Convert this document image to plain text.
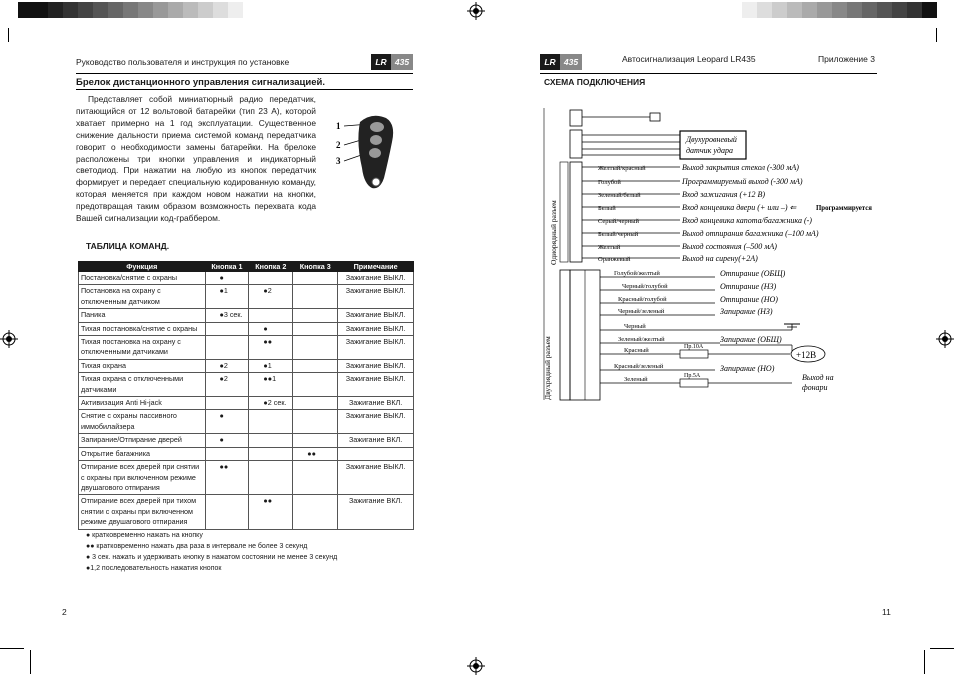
Руководство пользователя и инструкция по установке	LR 435
Брелок дистанционного управления сигнализацией.
Представляет собой миниатюрный радио передатчик, питающийся от 12 вольтовой батарейки (тип 23 А), которой хватает примерно на 1 год эксплуатации. Существенное снижение дальности приема системой команд передатчика говорит о необходимости замены батарейки. На брелоке расположены три кнопки управления и индикаторный светодиод. При нажатии на любую из кнопок передатчик формирует и передает специальную кодированную команду, которая меняется при каждом новом нажатии на кнопки, предотвращая таким образом возможность перехвата кода Вашей сигнализации код-граббером.
1
2
3
ТАБЛИЦА КОМАНД.
Функция	Кнопка 1	Кнопка 2	Кнопка 3	Примечание
Постановка/снятие с охраны	●			Зажигание ВЫКЛ.
Постановка на охрану с отключенным датчиком	●1	●2		Зажигание ВЫКЛ.
Паника	●3 сек.			Зажигание ВЫКЛ.
Тихая постановка/снятие с охраны		●		Зажигание ВЫКЛ.
Тихая постановка на охрану с отключенными датчиками		●●		Зажигание ВЫКЛ.
Тихая охрана	●2	●1		Зажигание ВЫКЛ.
Тихая охрана с отключенными датчиками	●2	●●1		Зажигание ВЫКЛ.
Активизация Anti Hi-jack		●2 сек.		Зажигание ВКЛ.
Снятие с охраны пассивного иммобилайзера	●			Зажигание ВЫКЛ.
Запирание/Отпирание дверей	●			Зажигание ВКЛ.
Открытие багажника			●●	
Отпирание всех дверей при снятии с охраны при включенном режиме двушагового отпирания	●●			Зажигание ВЫКЛ.
Отпирание всех дверей при тихом снятии с охраны при включенном режиме двушагового отпирания		●●		Зажигание ВКЛ.
● кратковременно нажать на кнопку
●● кратковременно нажать два раза в интервале не более 3 секунд
● 3 сек. нажать и удерживать кнопку в нажатом состоянии не менее 3 секунд
●1,2 последовательность нажатия кнопок
2
LR 435	Автосигнализация Leopard LR435	Приложение 3
СХЕМА ПОДКЛЮЧЕНИЯ
Двухуровневый
датчик удара
Одиорядный разъем
Желтый/красный	Выход закрытия стекол (-300 мА)
Голубой	Программируемый выход (-300 мА)
Зеленый/белый	Вход зажигания (+12 В)
Белый	Вход концевика двери (+ или –) ⇐	Программируется
Серый/черный	Вход концевика капота/багажника (-)
Белый/черный	Выход отпирания багажника (–100 мА)
Желтый	Выход состояния (–500 мА)
Оранжевый	Выход на сирену(+2А)
Двухрядный разъем
Голубой/желтый	Отпирание (ОБЩ)
Черный/голубой	Отпирание (НЗ)
Красный/голубой	Отпирание (НО)
Черный/зеленый	Запирание (НЗ)
Черный
Зеленый/желтый	Запирание (ОБЩ)
Красный	Пр.10А
+12В
Красный/зеленый	Запирание (НО)
Зеленый	Пр.5А	Выход на
фонари
11
